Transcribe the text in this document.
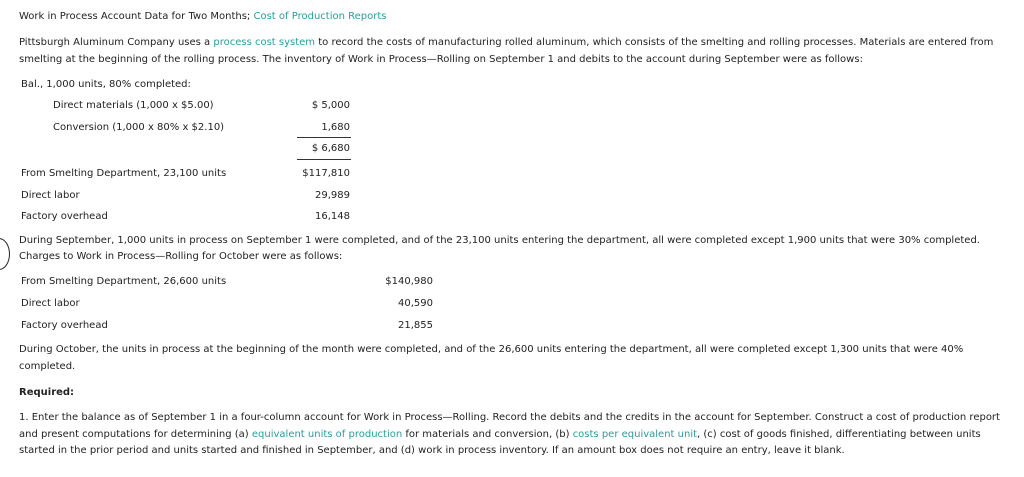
Work in Process Account Data for Two Months; Cost of Production Reports
Pittsburgh Aluminum Company uses a process cost system to record the costs of manufacturing rolled aluminum, which consists of the smelting and rolling processes. Materials are entered from smelting at the beginning of the rolling process. The inventory of Work in Process—Rolling on September 1 and debits to the account during September were as follows:
Bal., 1,000 units, 80% completed:
Direct materials (1,000 x $5.00)	$ 5,000
Conversion (1,000 x 80% x $2.10)	1,680
$ 6,680
From Smelting Department, 23,100 units	$117,810
Direct labor	29,989
Factory overhead	16,148
During September, 1,000 units in process on September 1 were completed, and of the 23,100 units entering the department, all were completed except 1,900 units that were 30% completed.
Charges to Work in Process—Rolling for October were as follows:
From Smelting Department, 26,600 units	$140,980
Direct labor	40,590
Factory overhead	21,855
During October, the units in process at the beginning of the month were completed, and of the 26,600 units entering the department, all were completed except 1,300 units that were 40% completed.
Required:
1. Enter the balance as of September 1 in a four-column account for Work in Process—Rolling. Record the debits and the credits in the account for September. Construct a cost of production report and present computations for determining (a) equivalent units of production for materials and conversion, (b) costs per equivalent unit, (c) cost of goods finished, differentiating between units started in the prior period and units started and finished in September, and (d) work in process inventory. If an amount box does not require an entry, leave it blank.
